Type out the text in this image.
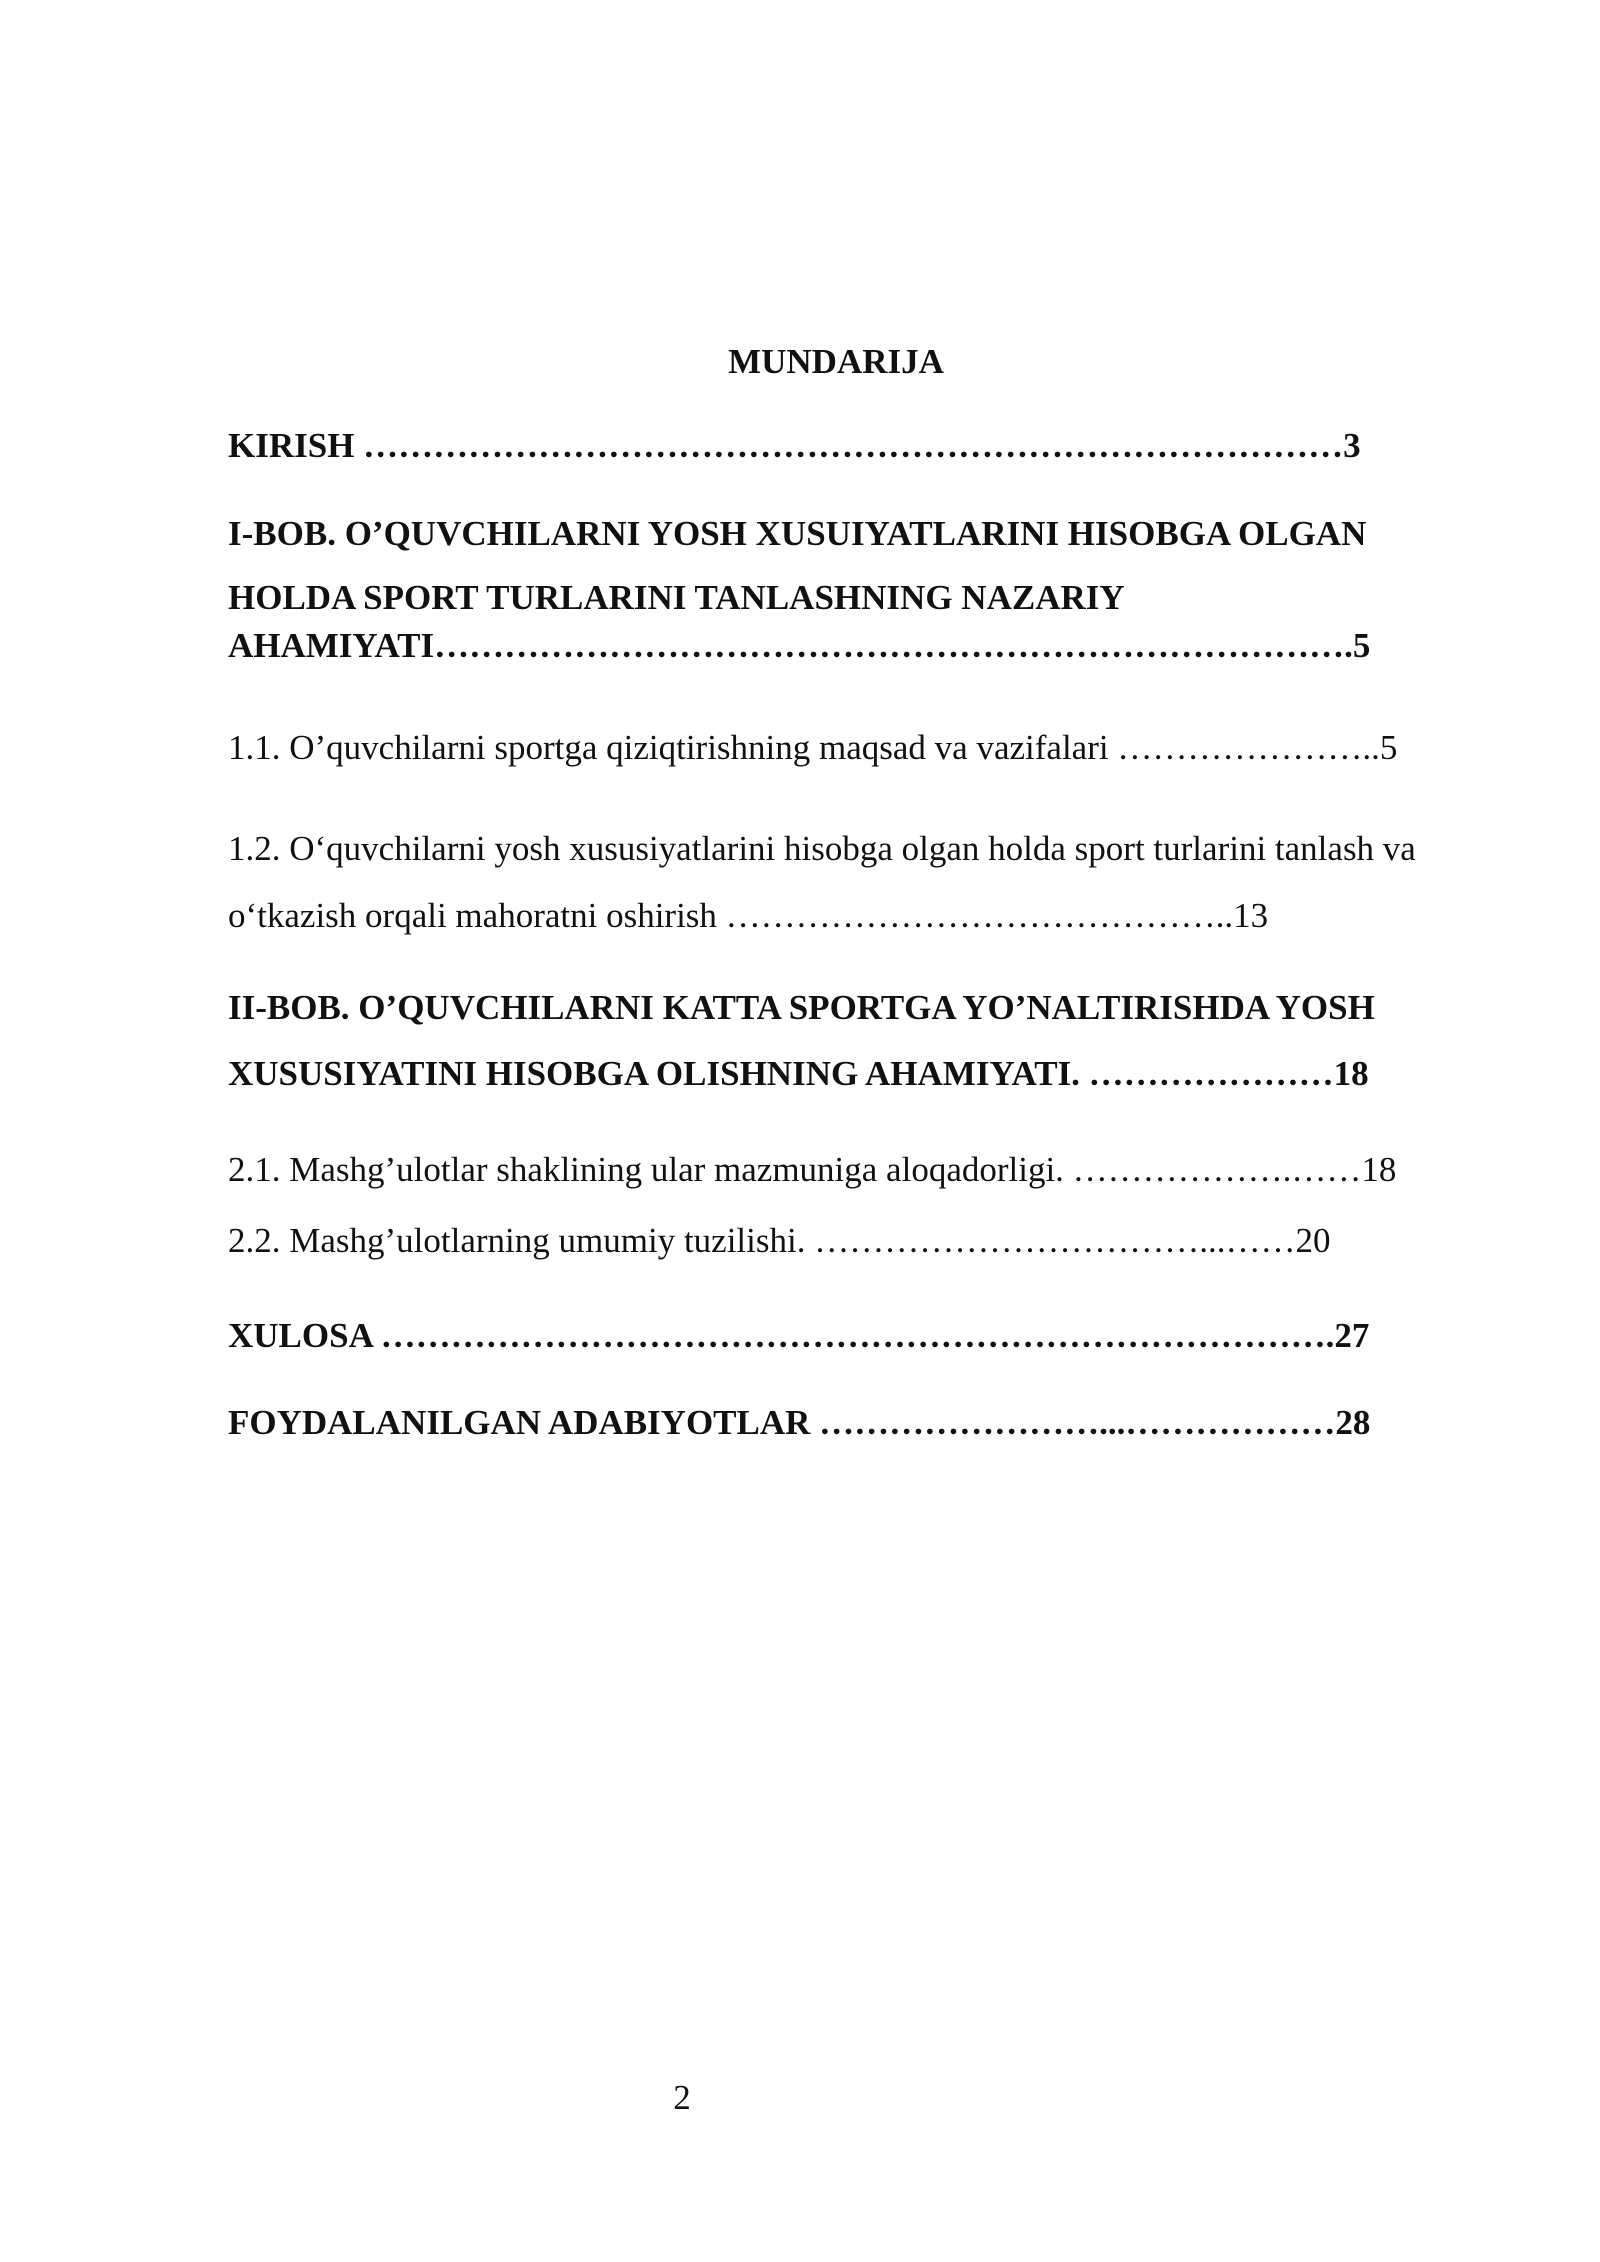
MUNDARIJA

KIRISH …………………………………………………………………………3

I-BOB. O’QUVCHILARNI YOSH XUSUIYATLARINI HISOBGA OLGAN

HOLDA SPORT TURLARINI TANLASHNING NAZARIY

AHAMIYATI…………………………………………………………………….5

1.1. O’quvchilarni sportga qiziqtirishning maqsad va vazifalari …………………..5

1.2. O‘quvchilarni yosh xususiyatlarini hisobga olgan holda sport turlarini tanlash va

o‘tkazish orqali mahoratni oshirish ……………………………………..13

II-BOB. O’QUVCHILARNI KATTA SPORTGA YO’NALTIRISHDA YOSH

XUSUSIYATINI HISOBGA OLISHNING AHAMIYATI. …………………18

2.1. Mashg’ulotlar shaklining ular mazmuniga aloqadorligi. ……………….……18

2.2. Mashg’ulotlarning umumiy tuzilishi. ……………………………...……20

XULOSA ……………………………………………………………………….27

FOYDALANILGAN ADABIYOTLAR ……………………...………………28

2
